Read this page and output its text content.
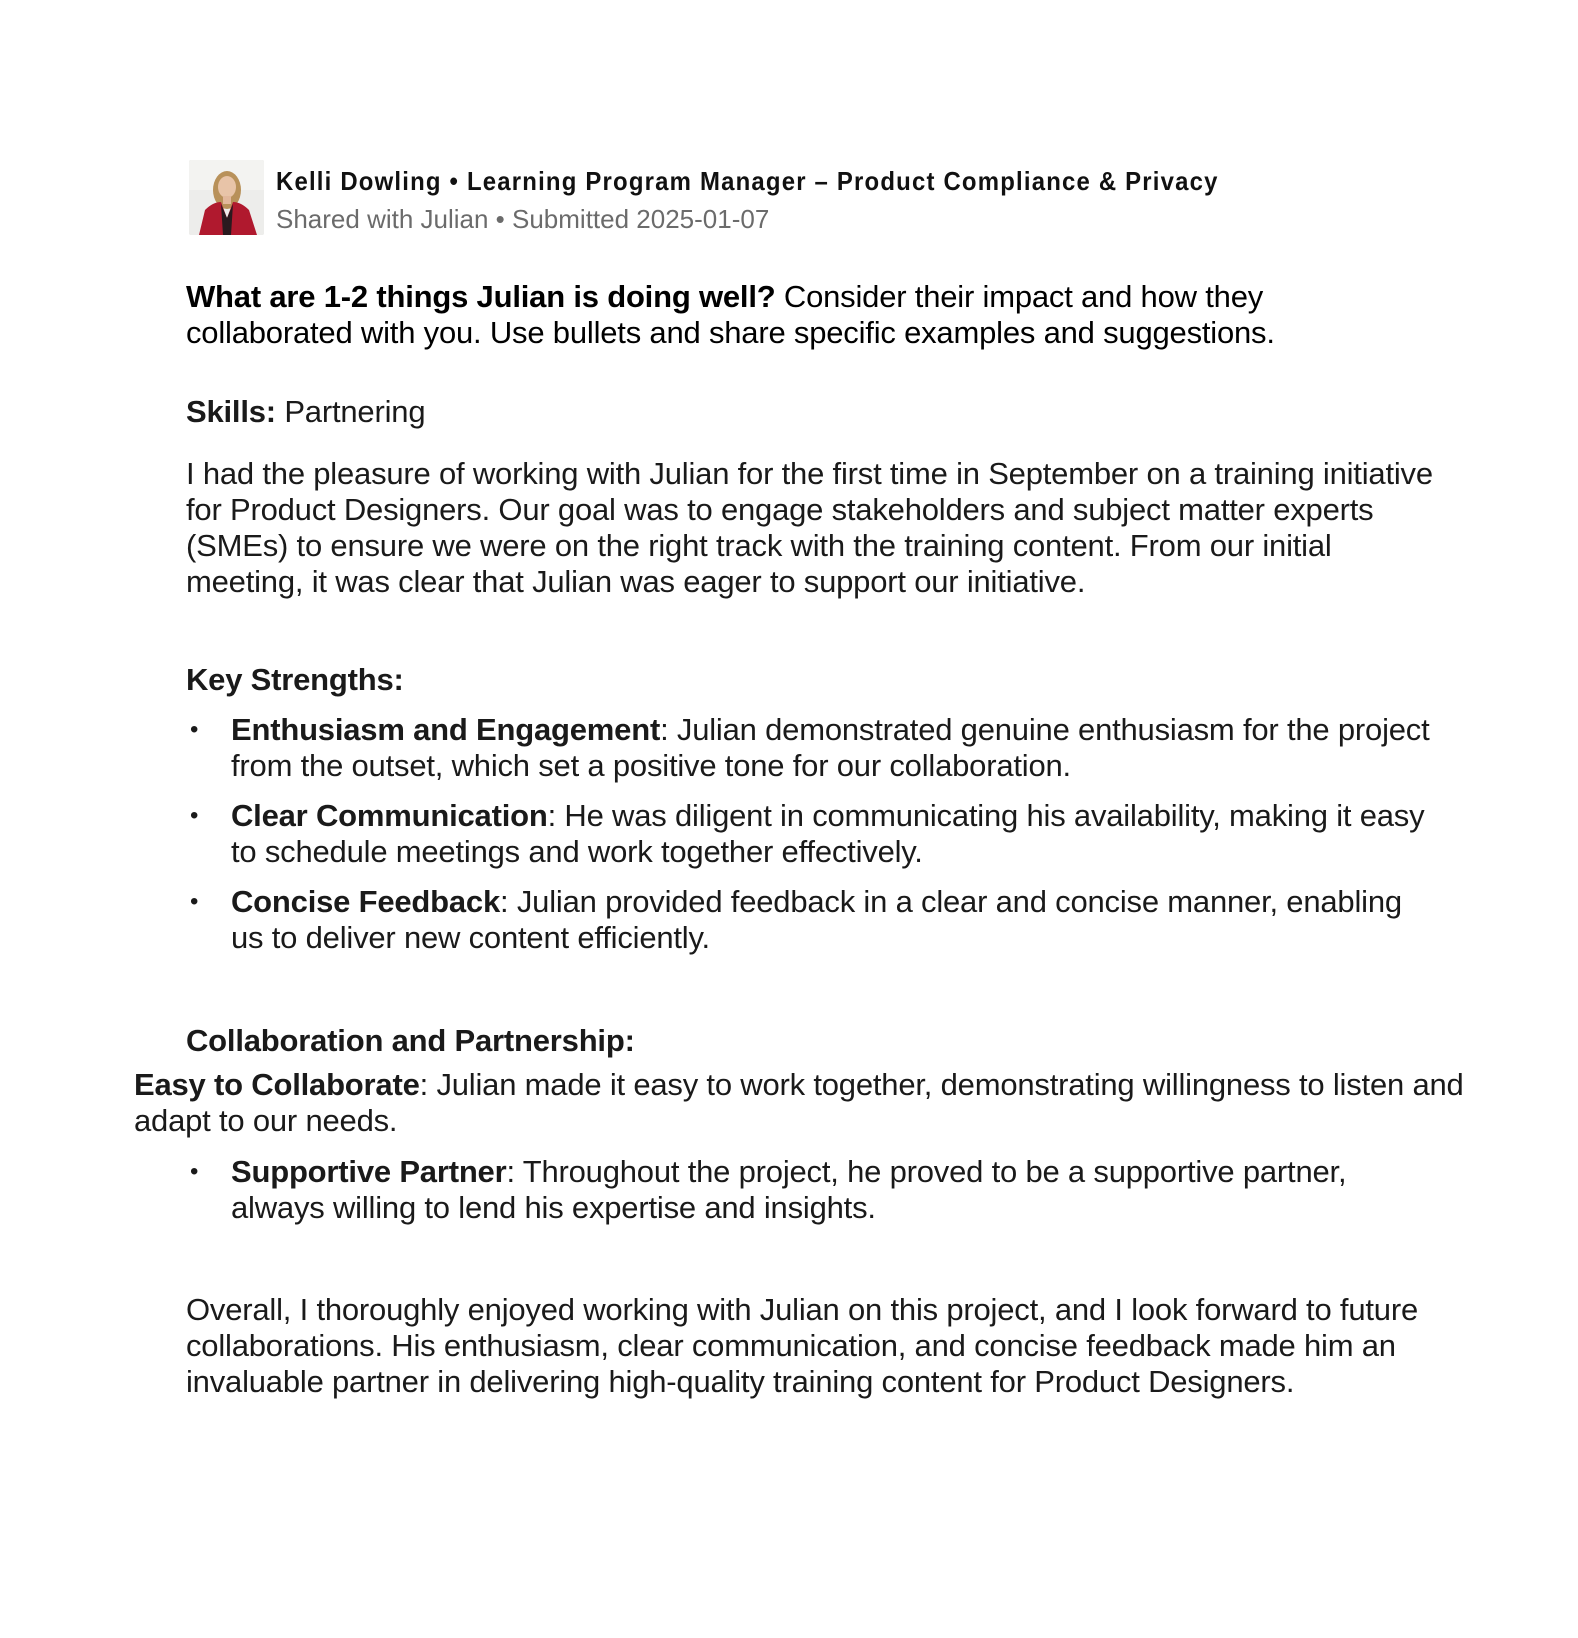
Kelli Dowling • Learning Program Manager – Product Compliance & Privacy
Shared with Julian • Submitted 2025-01-07
What are 1-2 things Julian is doing well? Consider their impact and how they collaborated with you. Use bullets and share specific examples and suggestions.
Skills: Partnering
I had the pleasure of working with Julian for the first time in September on a training initiative for Product Designers. Our goal was to engage stakeholders and subject matter experts (SMEs) to ensure we were on the right track with the training content. From our initial meeting, it was clear that Julian was eager to support our initiative.
Key Strengths:
• Enthusiasm and Engagement: Julian demonstrated genuine enthusiasm for the project from the outset, which set a positive tone for our collaboration.
• Clear Communication: He was diligent in communicating his availability, making it easy to schedule meetings and work together effectively.
• Concise Feedback: Julian provided feedback in a clear and concise manner, enabling us to deliver new content efficiently.
Collaboration and Partnership:
Easy to Collaborate: Julian made it easy to work together, demonstrating willingness to listen and adapt to our needs.
• Supportive Partner: Throughout the project, he proved to be a supportive partner, always willing to lend his expertise and insights.
Overall, I thoroughly enjoyed working with Julian on this project, and I look forward to future collaborations. His enthusiasm, clear communication, and concise feedback made him an invaluable partner in delivering high-quality training content for Product Designers.
